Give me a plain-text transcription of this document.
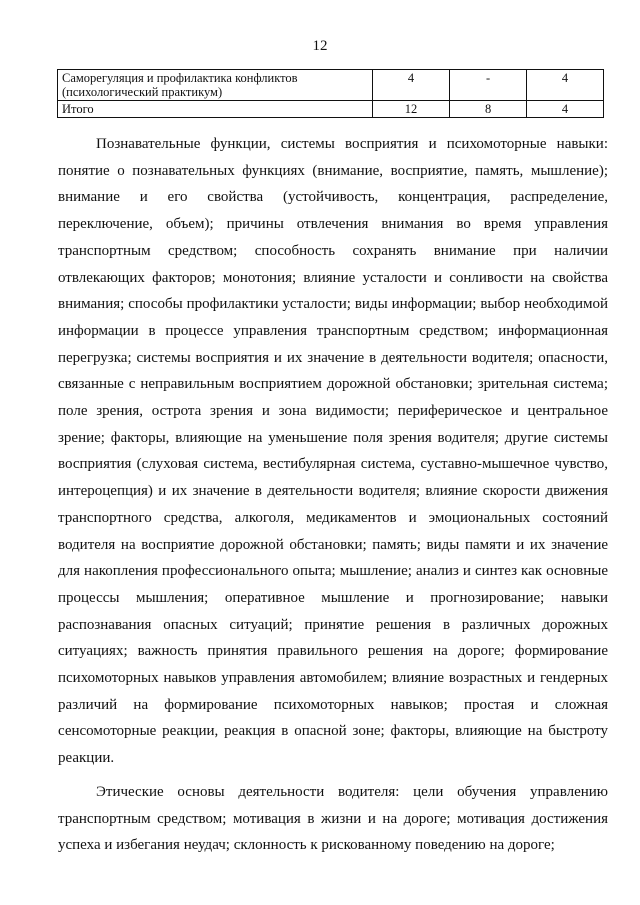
12
Саморегуляция и профилактика конфликтов
(психологический практикум)	4	-	4
Итого	12	8	4

Познавательные функции, системы восприятия и психомоторные навыки: понятие о познавательных функциях (внимание, восприятие, память, мышление); внимание и его свойства (устойчивость, концентрация, распределение, переключение, объем); причины отвлечения внимания во время управления транспортным средством; способность сохранять внимание при наличии отвлекающих факторов; монотония; влияние усталости и сонливости на свойства внимания; способы профилактики усталости; виды информации; выбор необходимой информации в процессе управления транспортным средством; информационная перегрузка; системы восприятия и их значение в деятельности водителя; опасности, связанные с неправильным восприятием дорожной обстановки; зрительная система; поле зрения, острота зрения и зона видимости; периферическое и центральное зрение; факторы, влияющие на уменьшение поля зрения водителя; другие системы восприятия (слуховая система, вестибулярная система, суставно-мышечное чувство, интероцепция) и их значение в деятельности водителя; влияние скорости движения транспортного средства, алкоголя, медикаментов и эмоциональных состояний водителя на восприятие дорожной обстановки; память; виды памяти и их значение для накопления профессионального опыта; мышление; анализ и синтез как основные процессы мышления; оперативное мышление и прогнозирование; навыки распознавания опасных ситуаций; принятие решения в различных дорожных ситуациях; важность принятия правильного решения на дороге; формирование психомоторных навыков управления автомобилем; влияние возрастных и гендерных различий на формирование психомоторных навыков; простая и сложная сенсомоторные реакции, реакция в опасной зоне; факторы, влияющие на быстроту реакции.

Этические основы деятельности водителя: цели обучения управлению транспортным средством; мотивация в жизни и на дороге; мотивация достижения успеха и избегания неудач; склонность к рискованному поведению на дороге;
